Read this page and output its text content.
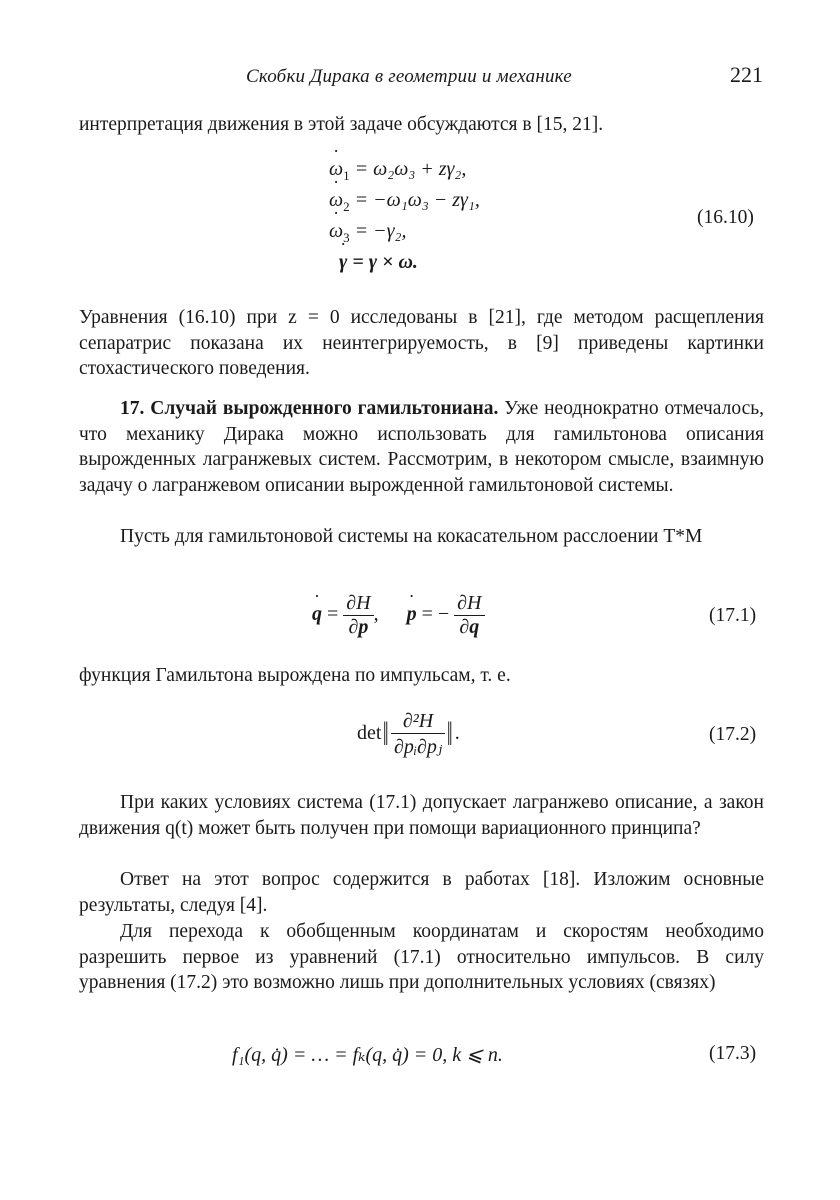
Скобки Дирака в геометрии и механике	221
интерпретация движения в этой задаче обсуждаются в [15, 21].
˙ $\omega_1 = \omega_2\omega_3 + z\gamma_2$,
˙ $\omega_2 = -\omega_1\omega_3 - z\gamma_1$,
˙ $\omega_3 = -\gamma_2$,
˙ γ = γ × ω.
(16.10)
Уравнения (16.10) при z = 0 исследованы в [21], где методом расщепления сепаратрис показана их неинтегрируемость, в [9] приведены картинки стохастического поведения.
17. Случай вырожденного гамильтониана. Уже неоднократно отмечалось, что механику Дирака можно использовать для гамильтонова описания вырожденных лагранжевых систем. Рассмотрим, в некотором смысле, взаимную задачу о лагранжевом описании вырожденной гамильтоновой системы.
Пусть для гамильтоновой системы на кокасательном расслоении T*M
˙ $q = \frac{\partial H}{\partial p}$ , ˙ p = − $\frac{\partial H}{\partial q}$	(17.1)
функция Гамильтона вырождена по импульсам, т. е.
det‖ $\frac{\text{∂²H}}{\text{∂pᵢ∂pⱼ}}$ ‖.	(17.2)
При каких условиях система (17.1) допускает лагранжево описание, а закон движения q(t) может быть получен при помощи вариационного принципа?
Ответ на этот вопрос содержится в работах [18]. Изложим основные результаты, следуя [4].
Для перехода к обобщенным координатам и скоростям необходимо разрешить первое из уравнений (17.1) относительно импульсов. В силу уравнения (17.2) это возможно лишь при дополнительных условиях (связях)
f₁(q, q̇) = … = fₖ(q, q̇) = 0, k ⩽ n.	(17.3)
